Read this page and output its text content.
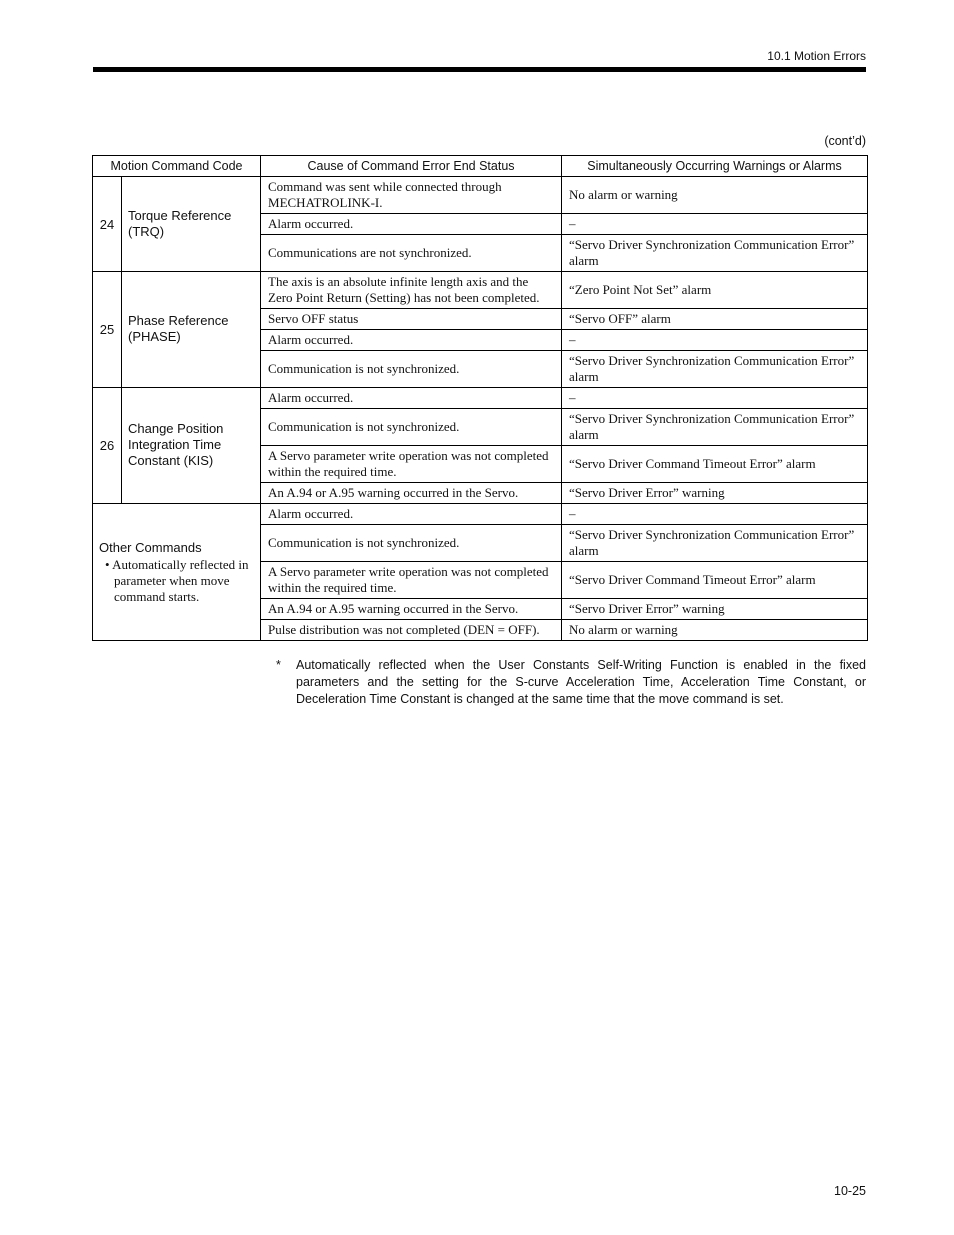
10.1 Motion Errors
(cont’d)
Motion Command Code		Cause of Command Error End Status	Simultaneously Occurring Warnings or Alarms
24	Torque Reference (TRQ)	Command was sent while connected through MECHATROLINK-I.	No alarm or warning
		Alarm occurred.	–
		Communications are not synchronized.	“Servo Driver Synchronization Communication Error” alarm
25	Phase Reference (PHASE)	The axis is an absolute infinite length axis and the Zero Point Return (Setting) has not been completed.	“Zero Point Not Set” alarm
		Servo OFF status	“Servo OFF” alarm
		Alarm occurred.	–
		Communication is not synchronized.	“Servo Driver Synchronization Communication Error” alarm
26	Change Position Integration Time Constant (KIS)	Alarm occurred.	–
		Communication is not synchronized.	“Servo Driver Synchronization Communication Error” alarm
		A Servo parameter write operation was not completed within the required time.	“Servo Driver Command Timeout Error” alarm
		An A.94 or A.95 warning occurred in the Servo.	“Servo Driver Error” warning

Other Commands
• Automatically reflected in parameter when move command starts.		Alarm occurred.	–
		Communication is not synchronized.	“Servo Driver Synchronization Communication Error” alarm
		A Servo parameter write operation was not completed within the required time.	“Servo Driver Command Timeout Error” alarm
		An A.94 or A.95 warning occurred in the Servo.	“Servo Driver Error” warning
		Pulse distribution was not completed (DEN = OFF).	No alarm or warning
* Automatically reflected when the User Constants Self-Writing Function is enabled in the fixed parameters and the setting for the S-curve Acceleration Time, Acceleration Time Constant, or Deceleration Time Constant is changed at the same time that the move command is set.
10-25
